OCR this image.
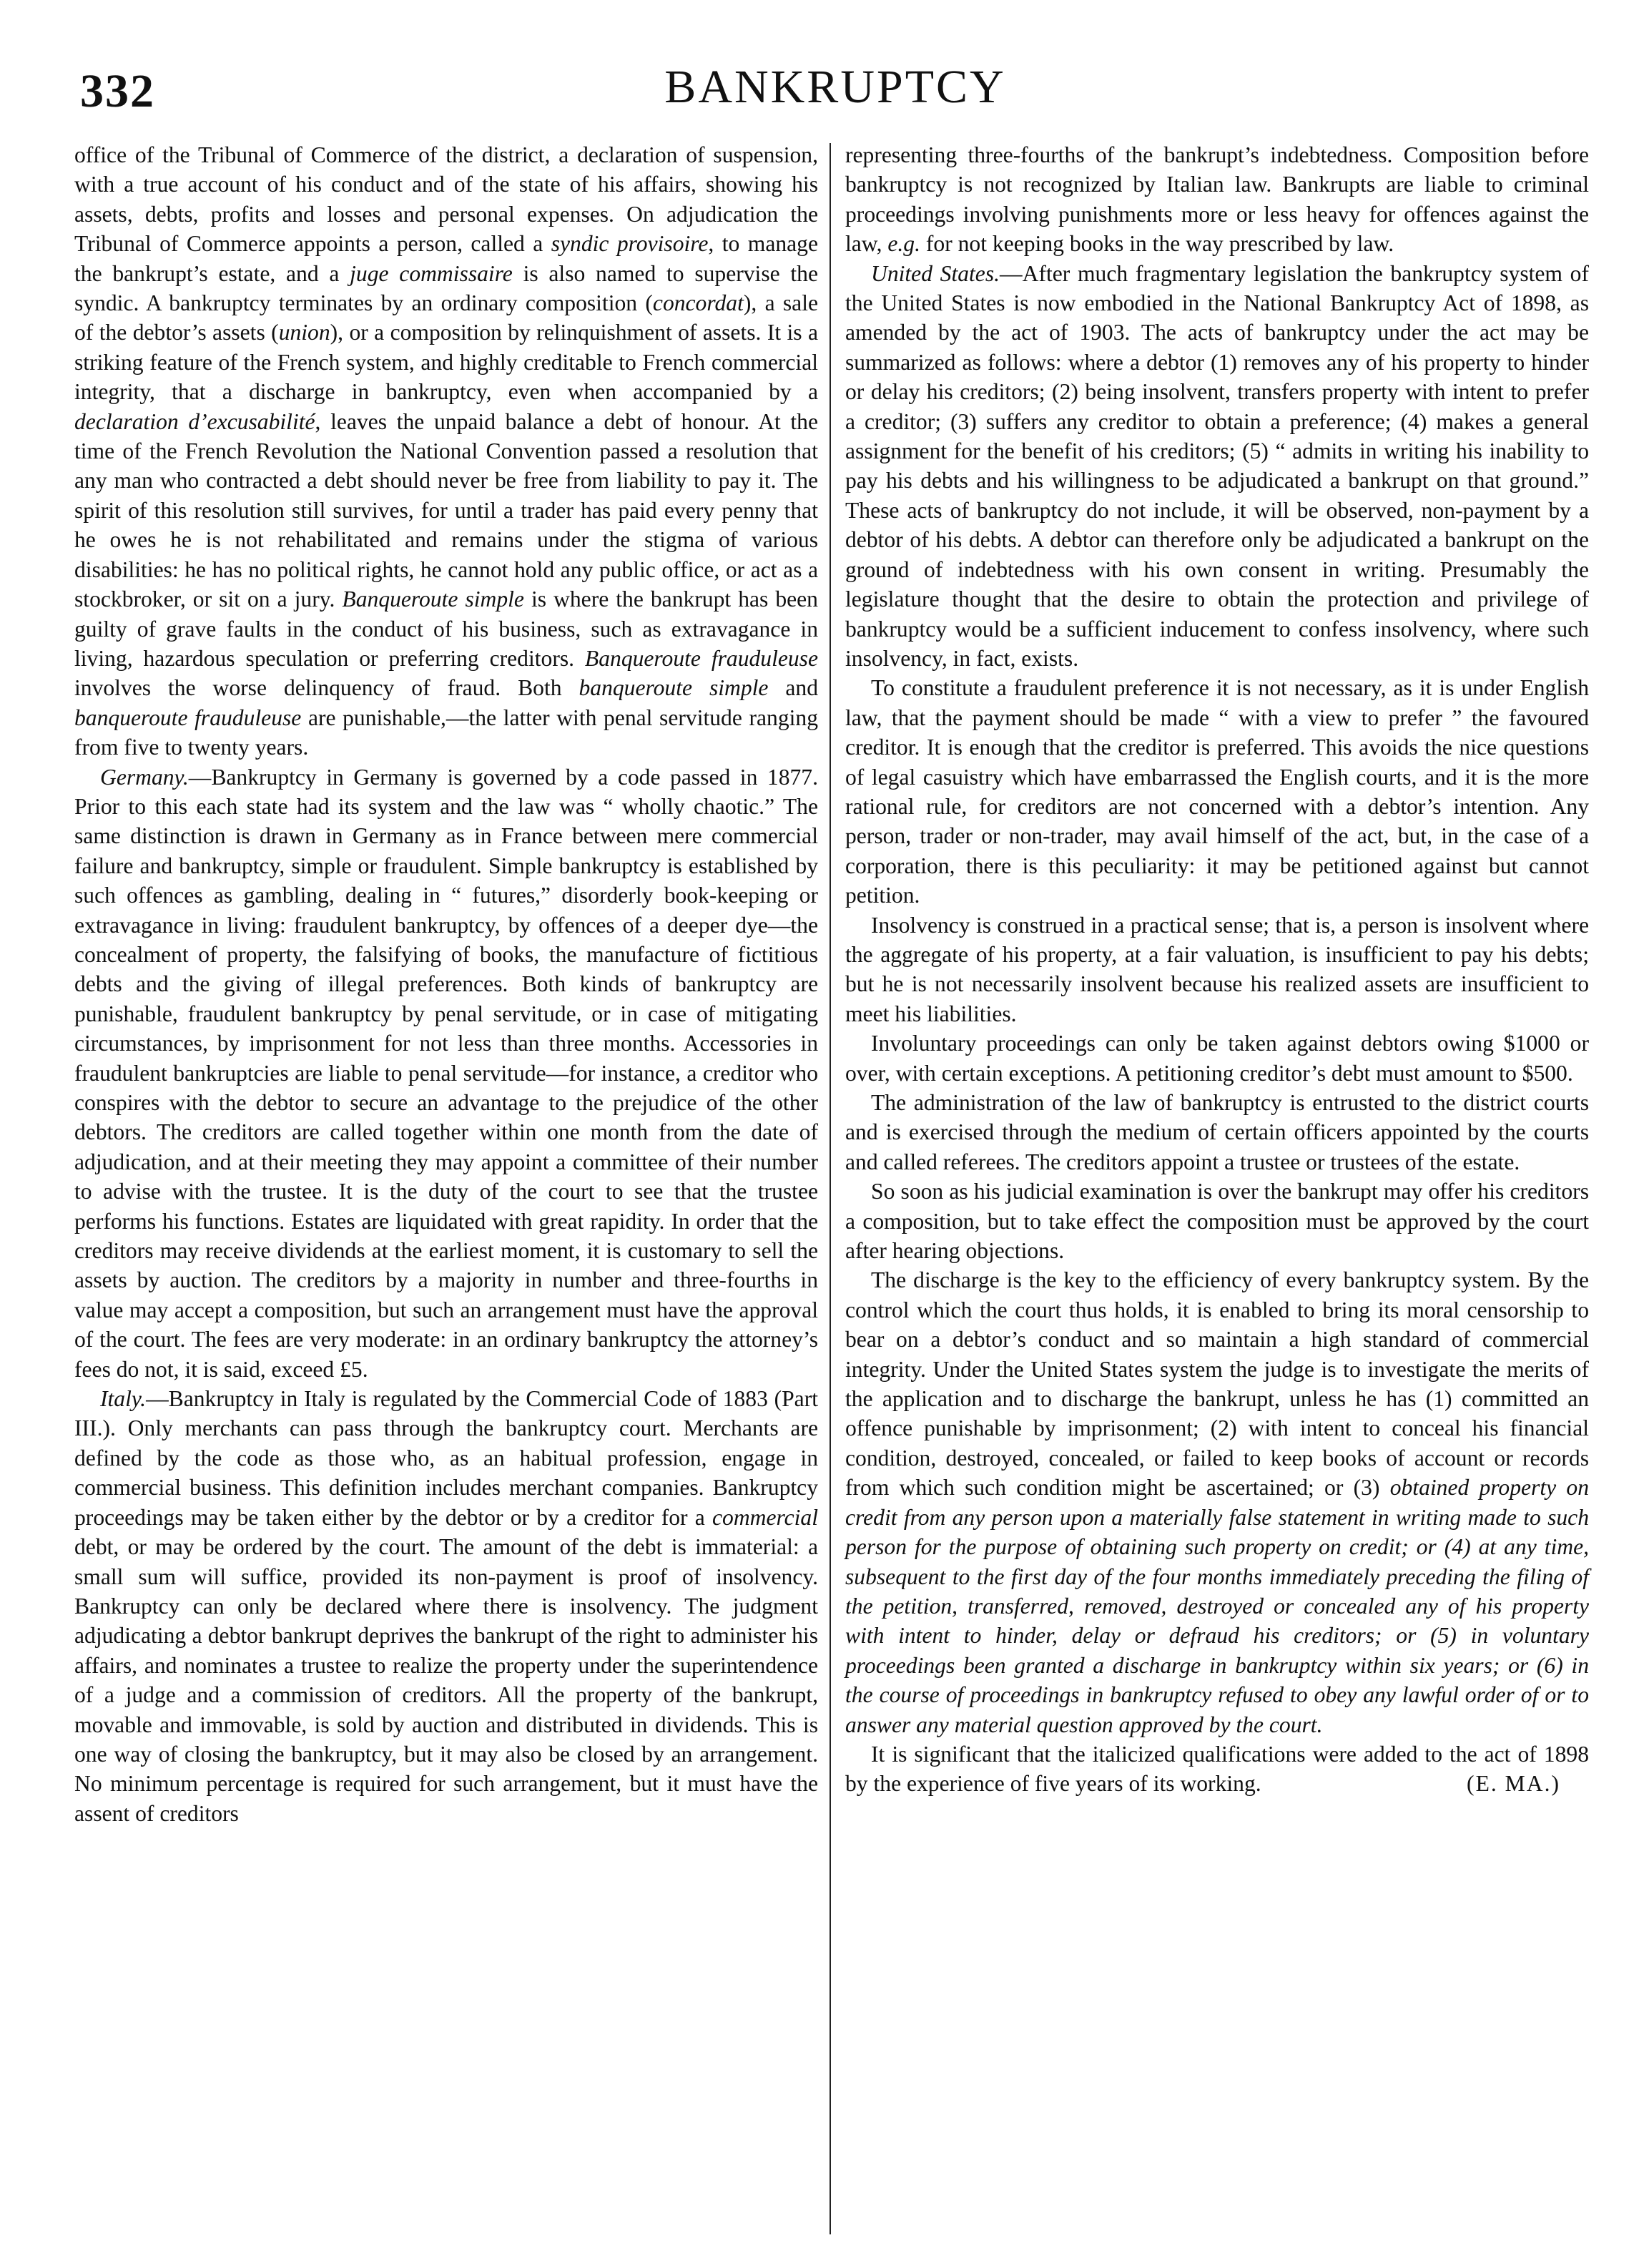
332	BANKRUPTCY

office of the Tribunal of Commerce of the district, a declaration of suspension, with a true account of his conduct and of the state of his affairs, showing his assets, debts, profits and losses and personal expenses. On adjudication the Tribunal of Commerce appoints a person, called a syndic provisoire, to manage the bankrupt’s estate, and a juge commissaire is also named to supervise the syndic. A bankruptcy terminates by an ordinary composition (concordat), a sale of the debtor’s assets (union), or a composition by relinquishment of assets. It is a striking feature of the French system, and highly creditable to French commercial integrity, that a discharge in bankruptcy, even when accompanied by a declaration d’excusabilité, leaves the unpaid balance a debt of honour. At the time of the French Revolution the National Convention passed a resolution that any man who contracted a debt should never be free from liability to pay it. The spirit of this resolution still survives, for until a trader has paid every penny that he owes he is not rehabilitated and remains under the stigma of various disabilities: he has no political rights, he cannot hold any public office, or act as a stockbroker, or sit on a jury. Banqueroute simple is where the bankrupt has been guilty of grave faults in the conduct of his business, such as extravagance in living, hazardous speculation or preferring creditors. Banqueroute frauduleuse involves the worse delinquency of fraud. Both banqueroute simple and banqueroute frauduleuse are punishable,—the latter with penal servitude ranging from five to twenty years.

Germany.—Bankruptcy in Germany is governed by a code passed in 1877. Prior to this each state had its system and the law was “ wholly chaotic.” The same distinction is drawn in Germany as in France between mere commercial failure and bankruptcy, simple or fraudulent. Simple bankruptcy is established by such offences as gambling, dealing in “ futures,” disorderly book-keeping or extravagance in living: fraudulent bankruptcy, by offences of a deeper dye—the concealment of property, the falsifying of books, the manufacture of fictitious debts and the giving of illegal preferences. Both kinds of bankruptcy are punishable, fraudulent bankruptcy by penal servitude, or in case of mitigating circumstances, by imprisonment for not less than three months. Accessories in fraudulent bankruptcies are liable to penal servitude—for instance, a creditor who conspires with the debtor to secure an advantage to the prejudice of the other debtors. The creditors are called together within one month from the date of adjudication, and at their meeting they may appoint a committee of their number to advise with the trustee. It is the duty of the court to see that the trustee performs his functions. Estates are liquidated with great rapidity. In order that the creditors may receive dividends at the earliest moment, it is customary to sell the assets by auction. The creditors by a majority in number and three-fourths in value may accept a composition, but such an arrangement must have the approval of the court. The fees are very moderate: in an ordinary bankruptcy the attorney’s fees do not, it is said, exceed £5.

Italy.—Bankruptcy in Italy is regulated by the Commercial Code of 1883 (Part III.). Only merchants can pass through the bankruptcy court. Merchants are defined by the code as those who, as an habitual profession, engage in commercial business. This definition includes merchant companies. Bankruptcy proceedings may be taken either by the debtor or by a creditor for a commercial debt, or may be ordered by the court. The amount of the debt is immaterial: a small sum will suffice, provided its non-payment is proof of insolvency. Bankruptcy can only be declared where there is insolvency. The judgment adjudicating a debtor bankrupt deprives the bankrupt of the right to administer his affairs, and nominates a trustee to realize the property under the superintendence of a judge and a commission of creditors. All the property of the bankrupt, movable and immovable, is sold by auction and distributed in dividends. This is one way of closing the bankruptcy, but it may also be closed by an arrangement. No minimum percentage is required for such arrangement, but it must have the assent of creditors

representing three-fourths of the bankrupt’s indebtedness. Composition before bankruptcy is not recognized by Italian law. Bankrupts are liable to criminal proceedings involving punishments more or less heavy for offences against the law, e.g. for not keeping books in the way prescribed by law.

United States.—After much fragmentary legislation the bankruptcy system of the United States is now embodied in the National Bankruptcy Act of 1898, as amended by the act of 1903. The acts of bankruptcy under the act may be summarized as follows: where a debtor (1) removes any of his property to hinder or delay his creditors; (2) being insolvent, transfers property with intent to prefer a creditor; (3) suffers any creditor to obtain a preference; (4) makes a general assignment for the benefit of his creditors; (5) “ admits in writing his inability to pay his debts and his willingness to be adjudicated a bankrupt on that ground.” These acts of bankruptcy do not include, it will be observed, non-payment by a debtor of his debts. A debtor can therefore only be adjudicated a bankrupt on the ground of indebtedness with his own consent in writing. Presumably the legislature thought that the desire to obtain the protection and privilege of bankruptcy would be a sufficient inducement to confess insolvency, where such insolvency, in fact, exists.

To constitute a fraudulent preference it is not necessary, as it is under English law, that the payment should be made “ with a view to prefer ” the favoured creditor. It is enough that the creditor is preferred. This avoids the nice questions of legal casuistry which have embarrassed the English courts, and it is the more rational rule, for creditors are not concerned with a debtor’s intention. Any person, trader or non-trader, may avail himself of the act, but, in the case of a corporation, there is this peculiarity: it may be petitioned against but cannot petition.

Insolvency is construed in a practical sense; that is, a person is insolvent where the aggregate of his property, at a fair valuation, is insufficient to pay his debts; but he is not necessarily insolvent because his realized assets are insufficient to meet his liabilities.

Involuntary proceedings can only be taken against debtors owing $1000 or over, with certain exceptions. A petitioning creditor’s debt must amount to $500.

The administration of the law of bankruptcy is entrusted to the district courts and is exercised through the medium of certain officers appointed by the courts and called referees. The creditors appoint a trustee or trustees of the estate.

So soon as his judicial examination is over the bankrupt may offer his creditors a composition, but to take effect the composition must be approved by the court after hearing objections.

The discharge is the key to the efficiency of every bankruptcy system. By the control which the court thus holds, it is enabled to bring its moral censorship to bear on a debtor’s conduct and so maintain a high standard of commercial integrity. Under the United States system the judge is to investigate the merits of the application and to discharge the bankrupt, unless he has (1) committed an offence punishable by imprisonment; (2) with intent to conceal his financial condition, destroyed, concealed, or failed to keep books of account or records from which such condition might be ascertained; or (3) obtained property on credit from any person upon a materially false statement in writing made to such person for the purpose of obtaining such property on credit; or (4) at any time, subsequent to the first day of the four months immediately preceding the filing of the petition, transferred, removed, destroyed or concealed any of his property with intent to hinder, delay or defraud his creditors; or (5) in voluntary proceedings been granted a discharge in bankruptcy within six years; or (6) in the course of proceedings in bankruptcy refused to obey any lawful order of or to answer any material question approved by the court.

It is significant that the italicized qualifications were added to the act of 1898 by the experience of five years of its working.	(E. MA.)
